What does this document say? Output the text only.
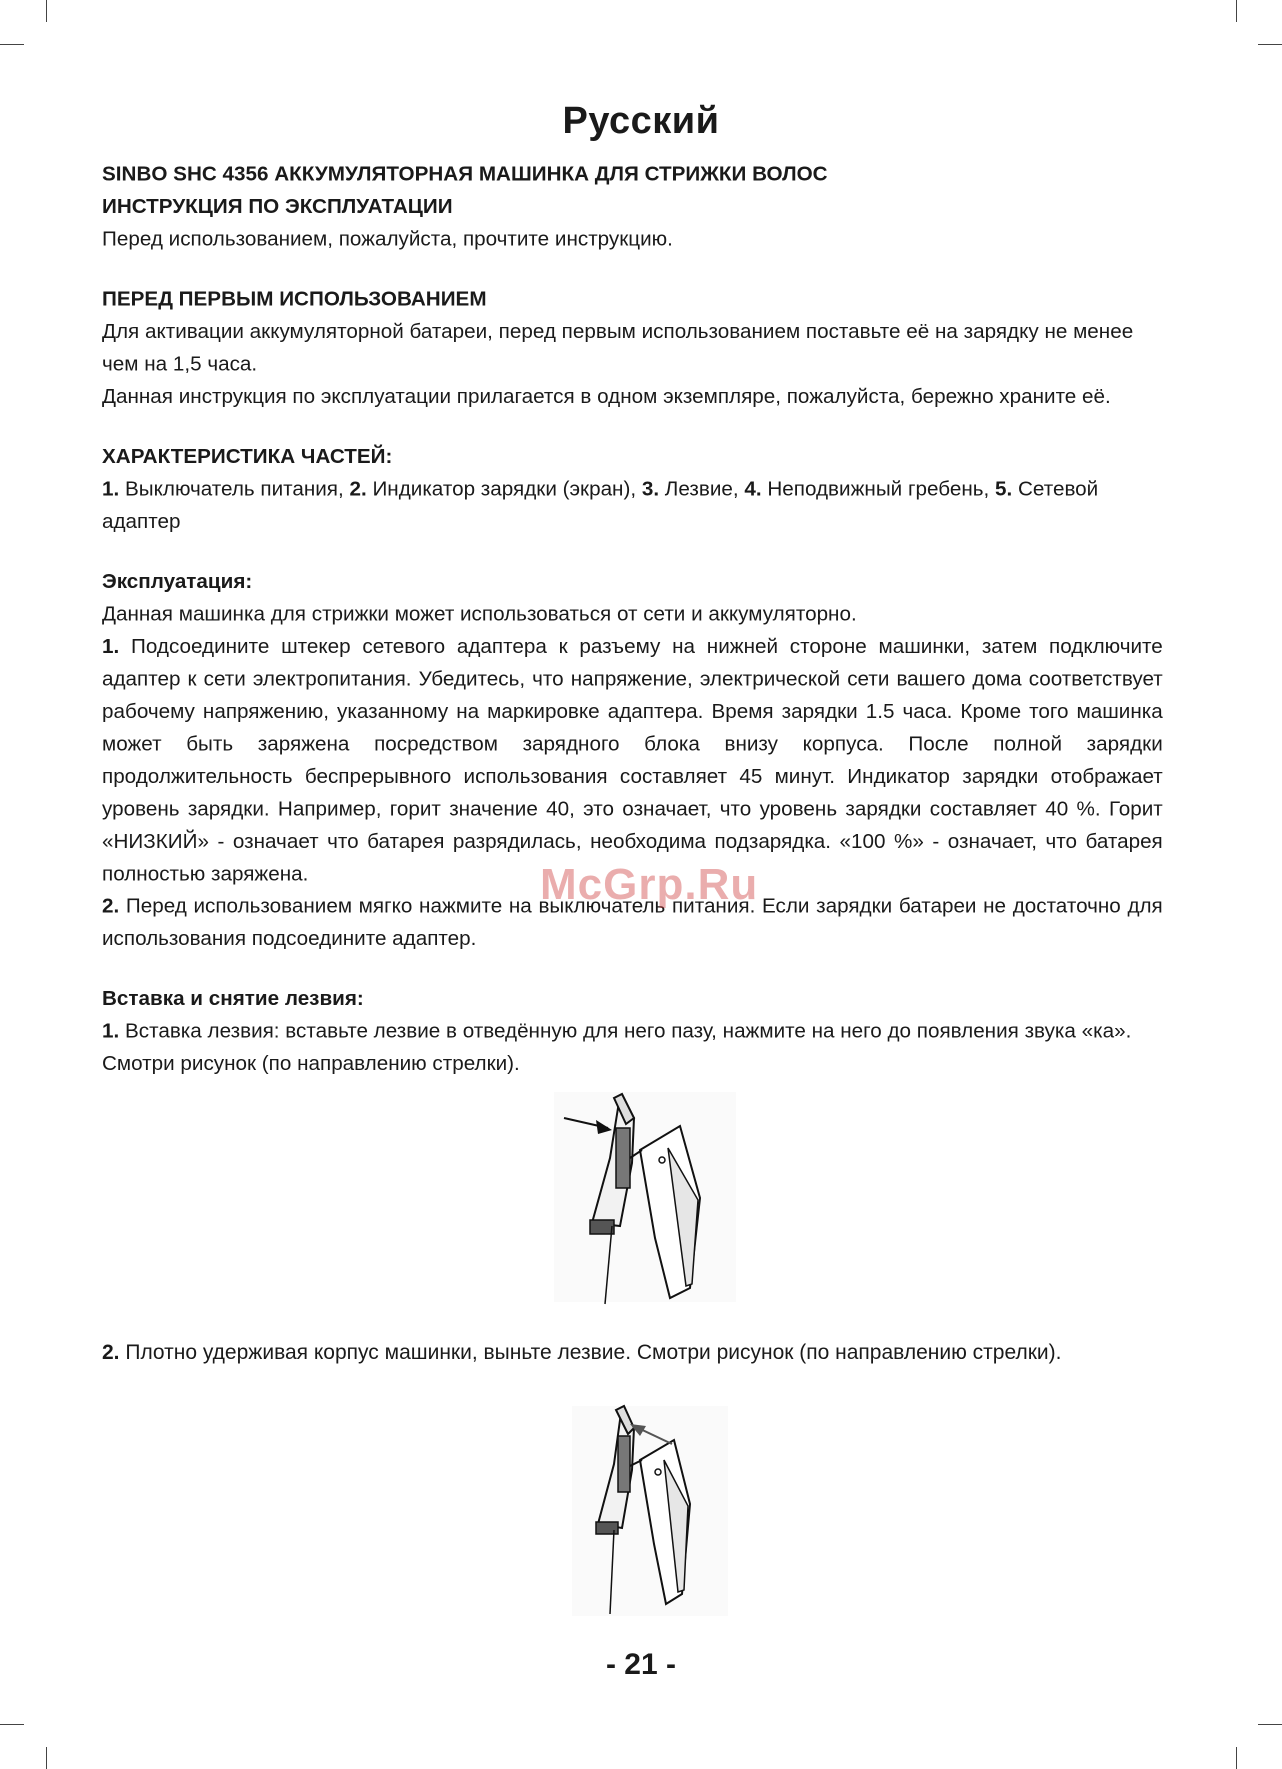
Русский
SINBO SHC 4356 АККУМУЛЯТОРНАЯ МАШИНКА ДЛЯ СТРИЖКИ ВОЛОС
ИНСТРУКЦИЯ ПО ЭКСПЛУАТАЦИИ

Перед использованием, пожалуйста, прочтите инструкцию.

ПЕРЕД ПЕРВЫМ ИСПОЛЬЗОВАНИЕМ

Для активации аккумуляторной батареи, перед первым использованием поставьте её на зарядку не менее чем на 1,5 часа.

Данная инструкция по эксплуатации прилагается в одном экземпляре, пожалуйста, бережно храните её.

ХАРАКТЕРИСТИКА ЧАСТЕЙ:

1. Выключатель питания, 2. Индикатор зарядки (экран), 3. Лезвие, 4. Неподвижный гребень, 5. Сетевой адаптер

Эксплуатация:

Данная машинка для стрижки может использоваться от сети и аккумуляторно.

1. Подсоедините штекер сетевого адаптера к разъему на нижней стороне машинки, затем подключите адаптер к сети электропитания. Убедитесь, что напряжение, электрической сети вашего дома соответствует рабочему напряжению, указанному на маркировке адаптера. Время зарядки 1.5 часа. Кроме того машинка может быть заряжена посредством зарядного блока внизу корпуса. После полной зарядки продолжительность беспрерывного использования составляет 45 минут. Индикатор зарядки отображает уровень зарядки. Например, горит значение 40, это означает, что уровень зарядки составляет 40 %. Горит «НИЗКИЙ» - означает что батарея разрядилась, необходима подзарядка. «100 %» - означает, что батарея полностью заряжена.

2. Перед использованием мягко нажмите на выключатель питания. Если зарядки батареи не достаточно для использования подсоедините адаптер.

Вставка и снятие лезвия:

1. Вставка лезвия: вставьте лезвие в отведённую для него пазу, нажмите на него до появления звука «ка». Смотри рисунок (по направлению стрелки).

2. Плотно удерживая корпус машинки, выньте лезвие. Смотри рисунок (по направлению стрелки).
McGrp.Ru
- 21 -
